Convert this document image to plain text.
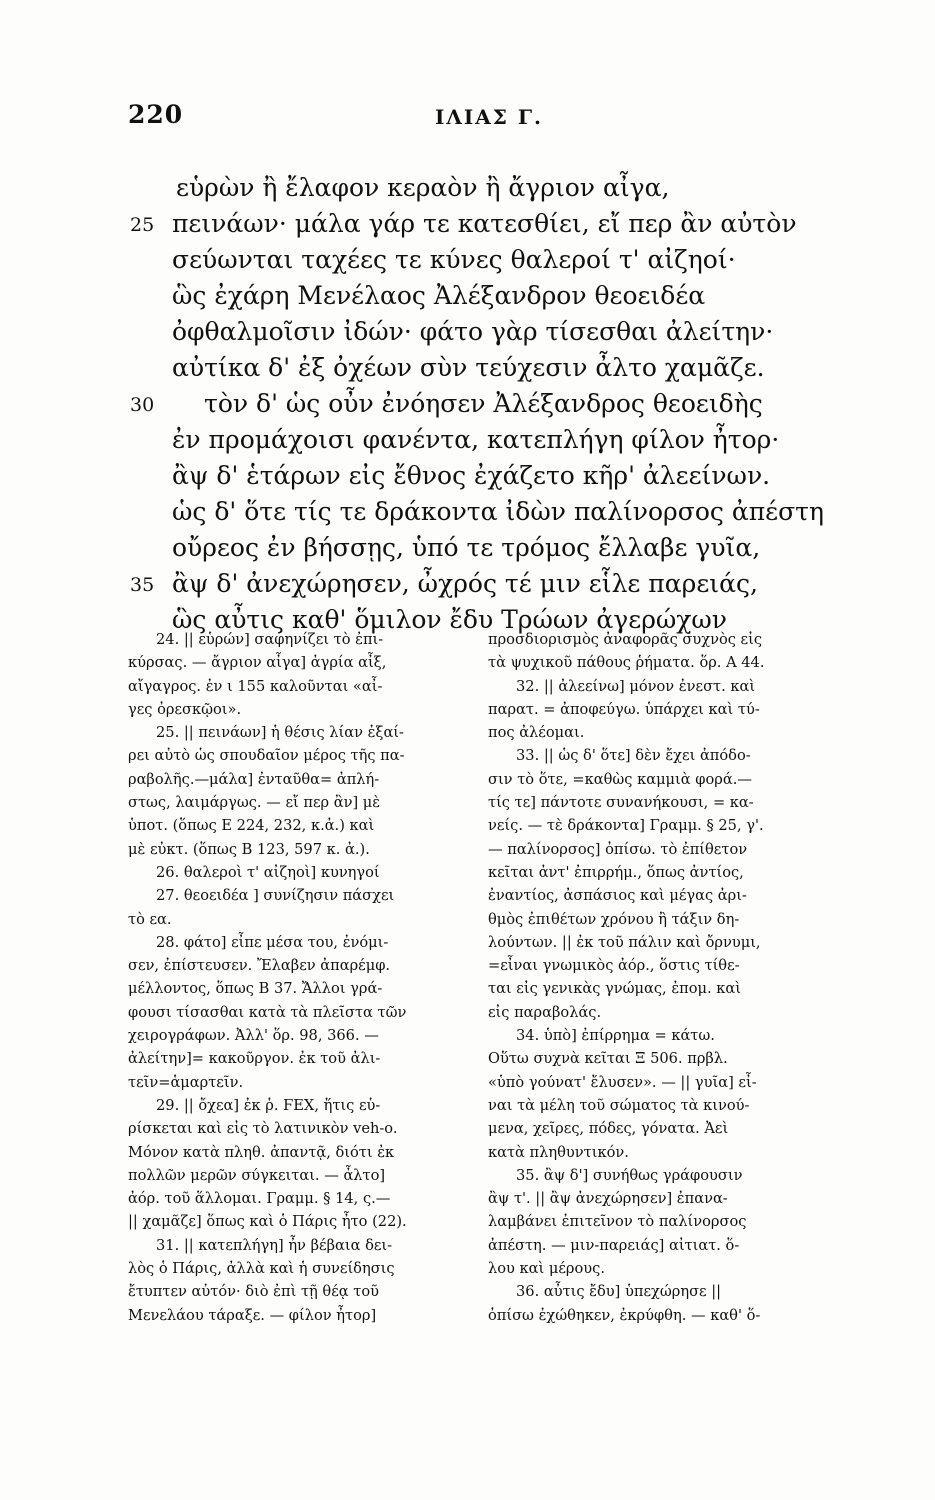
220	ΙΛΙΑΣ Γ.
εὑρὼν ἢ ἔλαφον κεραὸν ἢ ἄγριον αἶγα,
25 πεινάων· μάλα γάρ τε κατεσθίει, εἴ περ ἂν αὐτὸν
σεύωνται ταχέες τε κύνες θαλεροί τ' αἰζηοί·
ὣς ἐχάρη Μενέλαος Ἀλέξανδρον θεοειδέα
ὀφθαλμοῖσιν ἰδών· φάτο γὰρ τίσεσθαι ἀλείτην·
αὐτίκα δ' ἐξ ὀχέων σὺν τεύχεσιν ἆλτο χαμᾶζε.
30	τὸν δ' ὡς οὖν ἐνόησεν Ἀλέξανδρος θεοειδὴς
ἐν προμάχοισι φανέντα, κατεπλήγη φίλον ἦτορ·
ἂψ δ' ἑτάρων εἰς ἔθνος ἐχάζετο κῆρ' ἀλεείνων.
ὡς δ' ὅτε τίς τε δράκοντα ἰδὼν παλίνορσος ἀπέστη
οὔρεος ἐν βήσσῃς, ὑπό τε τρόμος ἔλλαβε γυῖα,
35 ἂψ δ' ἀνεχώρησεν, ὦχρός τέ μιν εἷλε παρειάς,
ὣς αὖτις καθ' ὅμιλον ἔδυ Τρώων ἀγερώχων
24. || εὑρών] σαφηνίζει τὸ ἐπι-
κύρσας. — ἄγριον αἶγα] ἀγρία αἶξ,
αἴγαγρος. ἐν ι 155 καλοῦνται «αἶ-
γες ὀρεσκῷοι».
25. || πεινάων] ἡ θέσις λίαν ἐξαί-
ρει αὐτὸ ὡς σπουδαῖον μέρος τῆς πα-
ραβολῆς.—μάλα] ἐνταῦθα= ἀπλή-
στως, λαιμάργως. — εἴ περ ἂν] μὲ
ὑποτ. (ὅπως Ε 224, 232, κ.ἀ.) καὶ
μὲ εὐκτ. (ὅπως Β 123, 597 κ. ἀ.).
26. θαλεροὶ τ' αἰζηοὶ] κυνηγοί
27. θεοειδέα ] συνίζησιν πάσχει
τὸ εα.
28. φάτο] εἶπε μέσα του, ἐνόμι-
σεν, ἐπίστευσεν. Ἔλαβεν ἀπαρέμφ.
μέλλοντος, ὅπως Β 37. Ἄλλοι γρά-
φουσι τίσασθαι κατὰ τὰ πλεῖστα τῶν
χειρογράφων. Ἀλλ' ὅρ. 98, 366. —
ἀλείτην]= κακοῦργον. ἐκ τοῦ ἀλι-
τεῖν=ἁμαρτεῖν.
29. || ὄχεα] ἐκ ῥ. ϜΕΧ, ἥτις εὑ-
ρίσκεται καὶ εἰς τὸ λατινικὸν veh-o.
Μόνον κατὰ πληθ. ἀπαντᾷ, διότι ἐκ
πολλῶν μερῶν σύγκειται. — ἆλτο]
ἀόρ. τοῦ ἅλλομαι. Γραμμ. § 14, ς.—
|| χαμᾶζε] ὅπως καὶ ὁ Πάρις ἦτο (22).
31. || κατεπλήγη] ἦν βέβαια δει-
λὸς ὁ Πάρις, ἀλλὰ καὶ ἡ συνείδησις
ἔτυπτεν αὐτόν· διὸ ἐπὶ τῇ θέᾳ τοῦ
Μενελάου τάραξε. — φίλον ἦτορ]
προσδιορισμὸς ἀναφορᾶς συχνὸς εἰς
τὰ ψυχικοῦ πάθους ῥήματα. ὅρ. Α 44.
32. || ἀλεείνω] μόνον ἐνεστ. καὶ
παρατ. = ἀποφεύγω. ὑπάρχει καὶ τύ-
πος ἀλέομαι.
33. || ὡς δ' ὅτε] δὲν ἔχει ἀπόδο-
σιν τὸ ὅτε, =καθὼς καμμιὰ φορά.—
τίς τε] πάντοτε συνανήκουσι, = κα-
νείς. — τὲ δράκοντα] Γραμμ. § 25, γ'.
— παλίνορσος] ὀπίσω. τὸ ἐπίθετον
κεῖται ἀντ' ἐπιρρήμ., ὅπως ἀντίος,
ἐναντίος, ἀσπάσιος καὶ μέγας ἀρι-
θμὸς ἐπιθέτων χρόνου ἢ τάξιν δη-
λούντων. || ἐκ τοῦ πάλιν καὶ ὄρνυμι,
=εἶναι γνωμικὸς ἀόρ., ὅστις τίθε-
ται εἰς γενικὰς γνώμας, ἐπομ. καὶ
εἰς παραβολάς.
34. ὑπὸ] ἐπίρρημα = κάτω.
Οὕτω συχνὰ κεῖται Ξ 506. πρβλ.
«ὑπὸ γούνατ' ἔλυσεν». — || γυῖα] εἶ-
ναι τὰ μέλη τοῦ σώματος τὰ κινού-
μενα, χεῖρες, πόδες, γόνατα. Ἀεὶ
κατὰ πληθυντικόν.
35. ἂψ δ'] συνήθως γράφουσιν
ἂψ τ'. || ἂψ ἀνεχώρησεν] ἐπανα-
λαμβάνει ἐπιτεῖνον τὸ παλίνορσος
ἀπέστη. — μιν-παρειάς] αἰτιατ. ὅ-
λου καὶ μέρους.
36. αὖτις ἔδυ] ὑπεχώρησε ||
ὀπίσω ἐχώθηκεν, ἐκρύφθη. — καθ' ὅ-
